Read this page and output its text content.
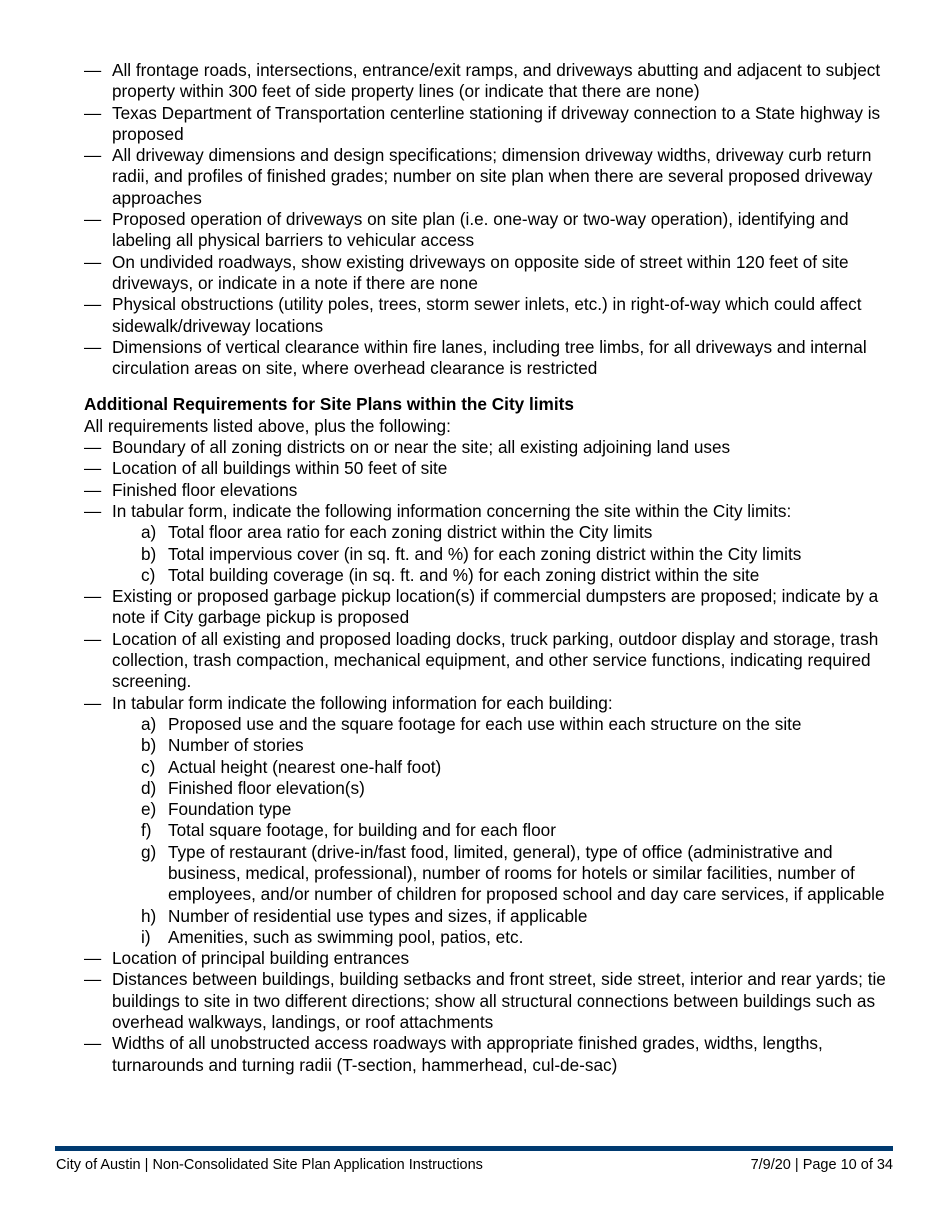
— All frontage roads, intersections, entrance/exit ramps, and driveways abutting and adjacent to subject property within 300 feet of side property lines (or indicate that there are none)
— Texas Department of Transportation centerline stationing if driveway connection to a State highway is proposed
— All driveway dimensions and design specifications; dimension driveway widths, driveway curb return radii, and profiles of finished grades; number on site plan when there are several proposed driveway approaches
— Proposed operation of driveways on site plan (i.e. one-way or two-way operation), identifying and labeling all physical barriers to vehicular access
— On undivided roadways, show existing driveways on opposite side of street within 120 feet of site driveways, or indicate in a note if there are none
— Physical obstructions (utility poles, trees, storm sewer inlets, etc.) in right-of-way which could affect sidewalk/driveway locations
— Dimensions of vertical clearance within fire lanes, including tree limbs, for all driveways and internal circulation areas on site, where overhead clearance is restricted
Additional Requirements for Site Plans within the City limits
All requirements listed above, plus the following:
— Boundary of all zoning districts on or near the site; all existing adjoining land uses
— Location of all buildings within 50 feet of site
— Finished floor elevations
— In tabular form, indicate the following information concerning the site within the City limits:
a) Total floor area ratio for each zoning district within the City limits
b) Total impervious cover (in sq. ft. and %) for each zoning district within the City limits
c) Total building coverage (in sq. ft. and %) for each zoning district within the site
— Existing or proposed garbage pickup location(s) if commercial dumpsters are proposed; indicate by a note if City garbage pickup is proposed
— Location of all existing and proposed loading docks, truck parking, outdoor display and storage, trash collection, trash compaction, mechanical equipment, and other service functions, indicating required screening.
— In tabular form indicate the following information for each building:
a) Proposed use and the square footage for each use within each structure on the site
b) Number of stories
c) Actual height (nearest one-half foot)
d) Finished floor elevation(s)
e) Foundation type
f) Total square footage, for building and for each floor
g) Type of restaurant (drive-in/fast food, limited, general), type of office (administrative and business, medical, professional), number of rooms for hotels or similar facilities, number of employees, and/or number of children for proposed school and day care services, if applicable
h) Number of residential use types and sizes, if applicable
i) Amenities, such as swimming pool, patios, etc.
— Location of principal building entrances
— Distances between buildings, building setbacks and front street, side street, interior and rear yards; tie buildings to site in two different directions; show all structural connections between buildings such as overhead walkways, landings, or roof attachments
— Widths of all unobstructed access roadways with appropriate finished grades, widths, lengths, turnarounds and turning radii (T-section, hammerhead, cul-de-sac)
City of Austin | Non-Consolidated Site Plan Application Instructions	7/9/20 | Page 10 of 34
